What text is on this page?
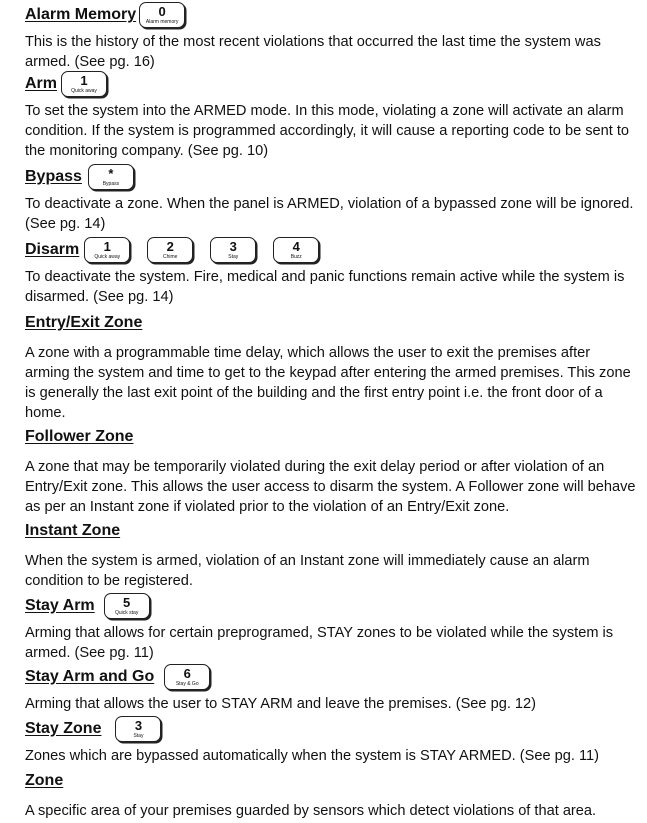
Alarm Memory 0
Alarm memory
This is the history of the most recent violations that occurred the last time the system was armed. (See pg. 16)
Arm 1
Quick away
To set the system into the ARMED mode. In this mode, violating a zone will activate an alarm condition. If the system is programmed accordingly, it will cause a reporting code to be sent to the monitoring company. (See pg. 10)
Bypass *
Bypass
To deactivate a zone. When the panel is ARMED, violation of a bypassed zone will be ignored. (See pg. 14)
Disarm 1
Quick away
2
Chime
3
Stay
4
Buzz
To deactivate the system. Fire, medical and panic functions remain active while the system is disarmed. (See pg. 14)
Entry/Exit Zone
A zone with a programmable time delay, which allows the user to exit the premises after arming the system and time to get to the keypad after entering the armed premises. This zone is generally the last exit point of the building and the first entry point i.e. the front door of a home.
Follower Zone
A zone that may be temporarily violated during the exit delay period or after violation of an Entry/Exit zone. This allows the user access to disarm the system. A Follower zone will behave as per an Instant zone if violated prior to the violation of an Entry/Exit zone.
Instant Zone
When the system is armed, violation of an Instant zone will immediately cause an alarm condition to be registered.
Stay Arm 5
Quick stay
Arming that allows for certain preprogramed, STAY zones to be violated while the system is armed. (See pg. 11)
Stay Arm and Go 6
Stay & Go
Arming that allows the user to STAY ARM and leave the premises. (See pg. 12)
Stay Zone	3
Stay
Zones which are bypassed automatically when the system is STAY ARMED. (See pg. 11)
Zone
A specific area of your premises guarded by sensors which detect violations of that area.
